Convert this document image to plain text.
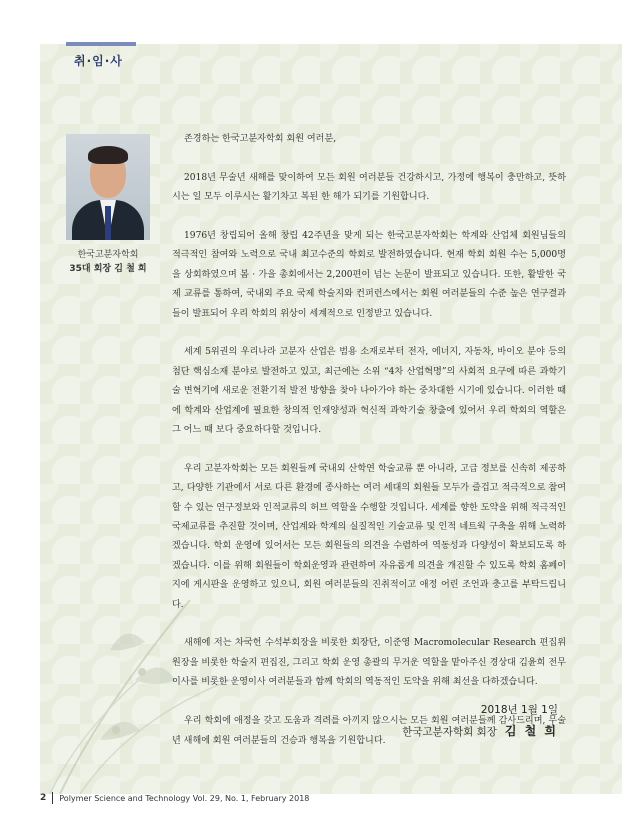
취·임·사
한국고분자학회
35대 회장 김 철 희

존경하는 한국고분자학회 회원 여러분,

2018년 무술년 새해를 맞이하여 모든 회원 여러분들 건강하시고, 가정에 행복이 충만하고, 뜻하시는 일 모두 이루시는 활기차고 복된 한 해가 되기를 기원합니다.

1976년 창립되어 올해 창립 42주년을 맞게 되는 한국고분자학회는 학계와 산업체 회원님들의 적극적인 참여와 노력으로 국내 최고수준의 학회로 발전하였습니다. 현재 학회 회원 수는 5,000명을 상회하였으며 봄 · 가을 총회에서는 2,200편이 넘는 논문이 발표되고 있습니다. 또한, 활발한 국제 교류를 통하여, 국내외 주요 국제 학술지와 컨퍼런스에서는 회원 여러분들의 수준 높은 연구결과들이 발표되어 우리 학회의 위상이 세계적으로 인정받고 있습니다.

세계 5위권의 우리나라 고분자 산업은 범용 소재로부터 전자, 에너지, 자동차, 바이오 분야 등의 첨단 핵심소재 분야로 발전하고 있고, 최근에는 소위 “4차 산업혁명”의 사회적 요구에 따른 과학기술 변혁기에 새로운 전환기적 발전 방향을 찾아 나아가야 하는 중차대한 시기에 있습니다. 이러한 때에 학계와 산업계에 필요한 창의적 인재양성과 혁신적 과학기술 창출에 있어서 우리 학회의 역할은 그 어느 때 보다 중요하다할 것입니다.

우리 고분자학회는 모든 회원들께 국내외 산학연 학술교류 뿐 아니라, 고급 정보를 신속히 제공하고, 다양한 기관에서 서로 다른 환경에 종사하는 여러 세대의 회원들 모두가 즐겁고 적극적으로 참여할 수 있는 연구정보와 인적교류의 허브 역할을 수행할 것입니다. 세계를 향한 도약을 위해 적극적인 국제교류를 추진할 것이며, 산업계와 학계의 실질적인 기술교류 및 인적 네트웍 구축을 위해 노력하겠습니다. 학회 운영에 있어서는 모든 회원들의 의견을 수렴하여 역동성과 다양성이 확보되도록 하겠습니다. 이를 위해 회원들이 학회운영과 관련하여 자유롭게 의견을 개진할 수 있도록 학회 홈페이지에 게시판을 운영하고 있으니, 회원 여러분들의 진취적이고 애정 어린 조언과 충고를 부탁드립니다.

새해에 저는 차국헌 수석부회장을 비롯한 회장단, 이준영 Macromolecular Research 편집위원장을 비롯한 학술지 편집진, 그리고 학회 운영 총괄의 무거운 역할을 맡아주신 경상대 김윤희 전무이사를 비롯한 운영이사 여러분들과 함께 학회의 역동적인 도약을 위해 최선을 다하겠습니다.

우리 학회에 애정을 갖고 도움과 격려를 아끼지 않으시는 모든 회원 여러분들께 감사드리며, 무술년 새해에 회원 여러분들의 건승과 행복을 기원합니다.

2018년 1월 1일
한국고분자학회 회장 김 철 희
2 Polymer Science and Technology Vol. 29, No. 1, February 2018
